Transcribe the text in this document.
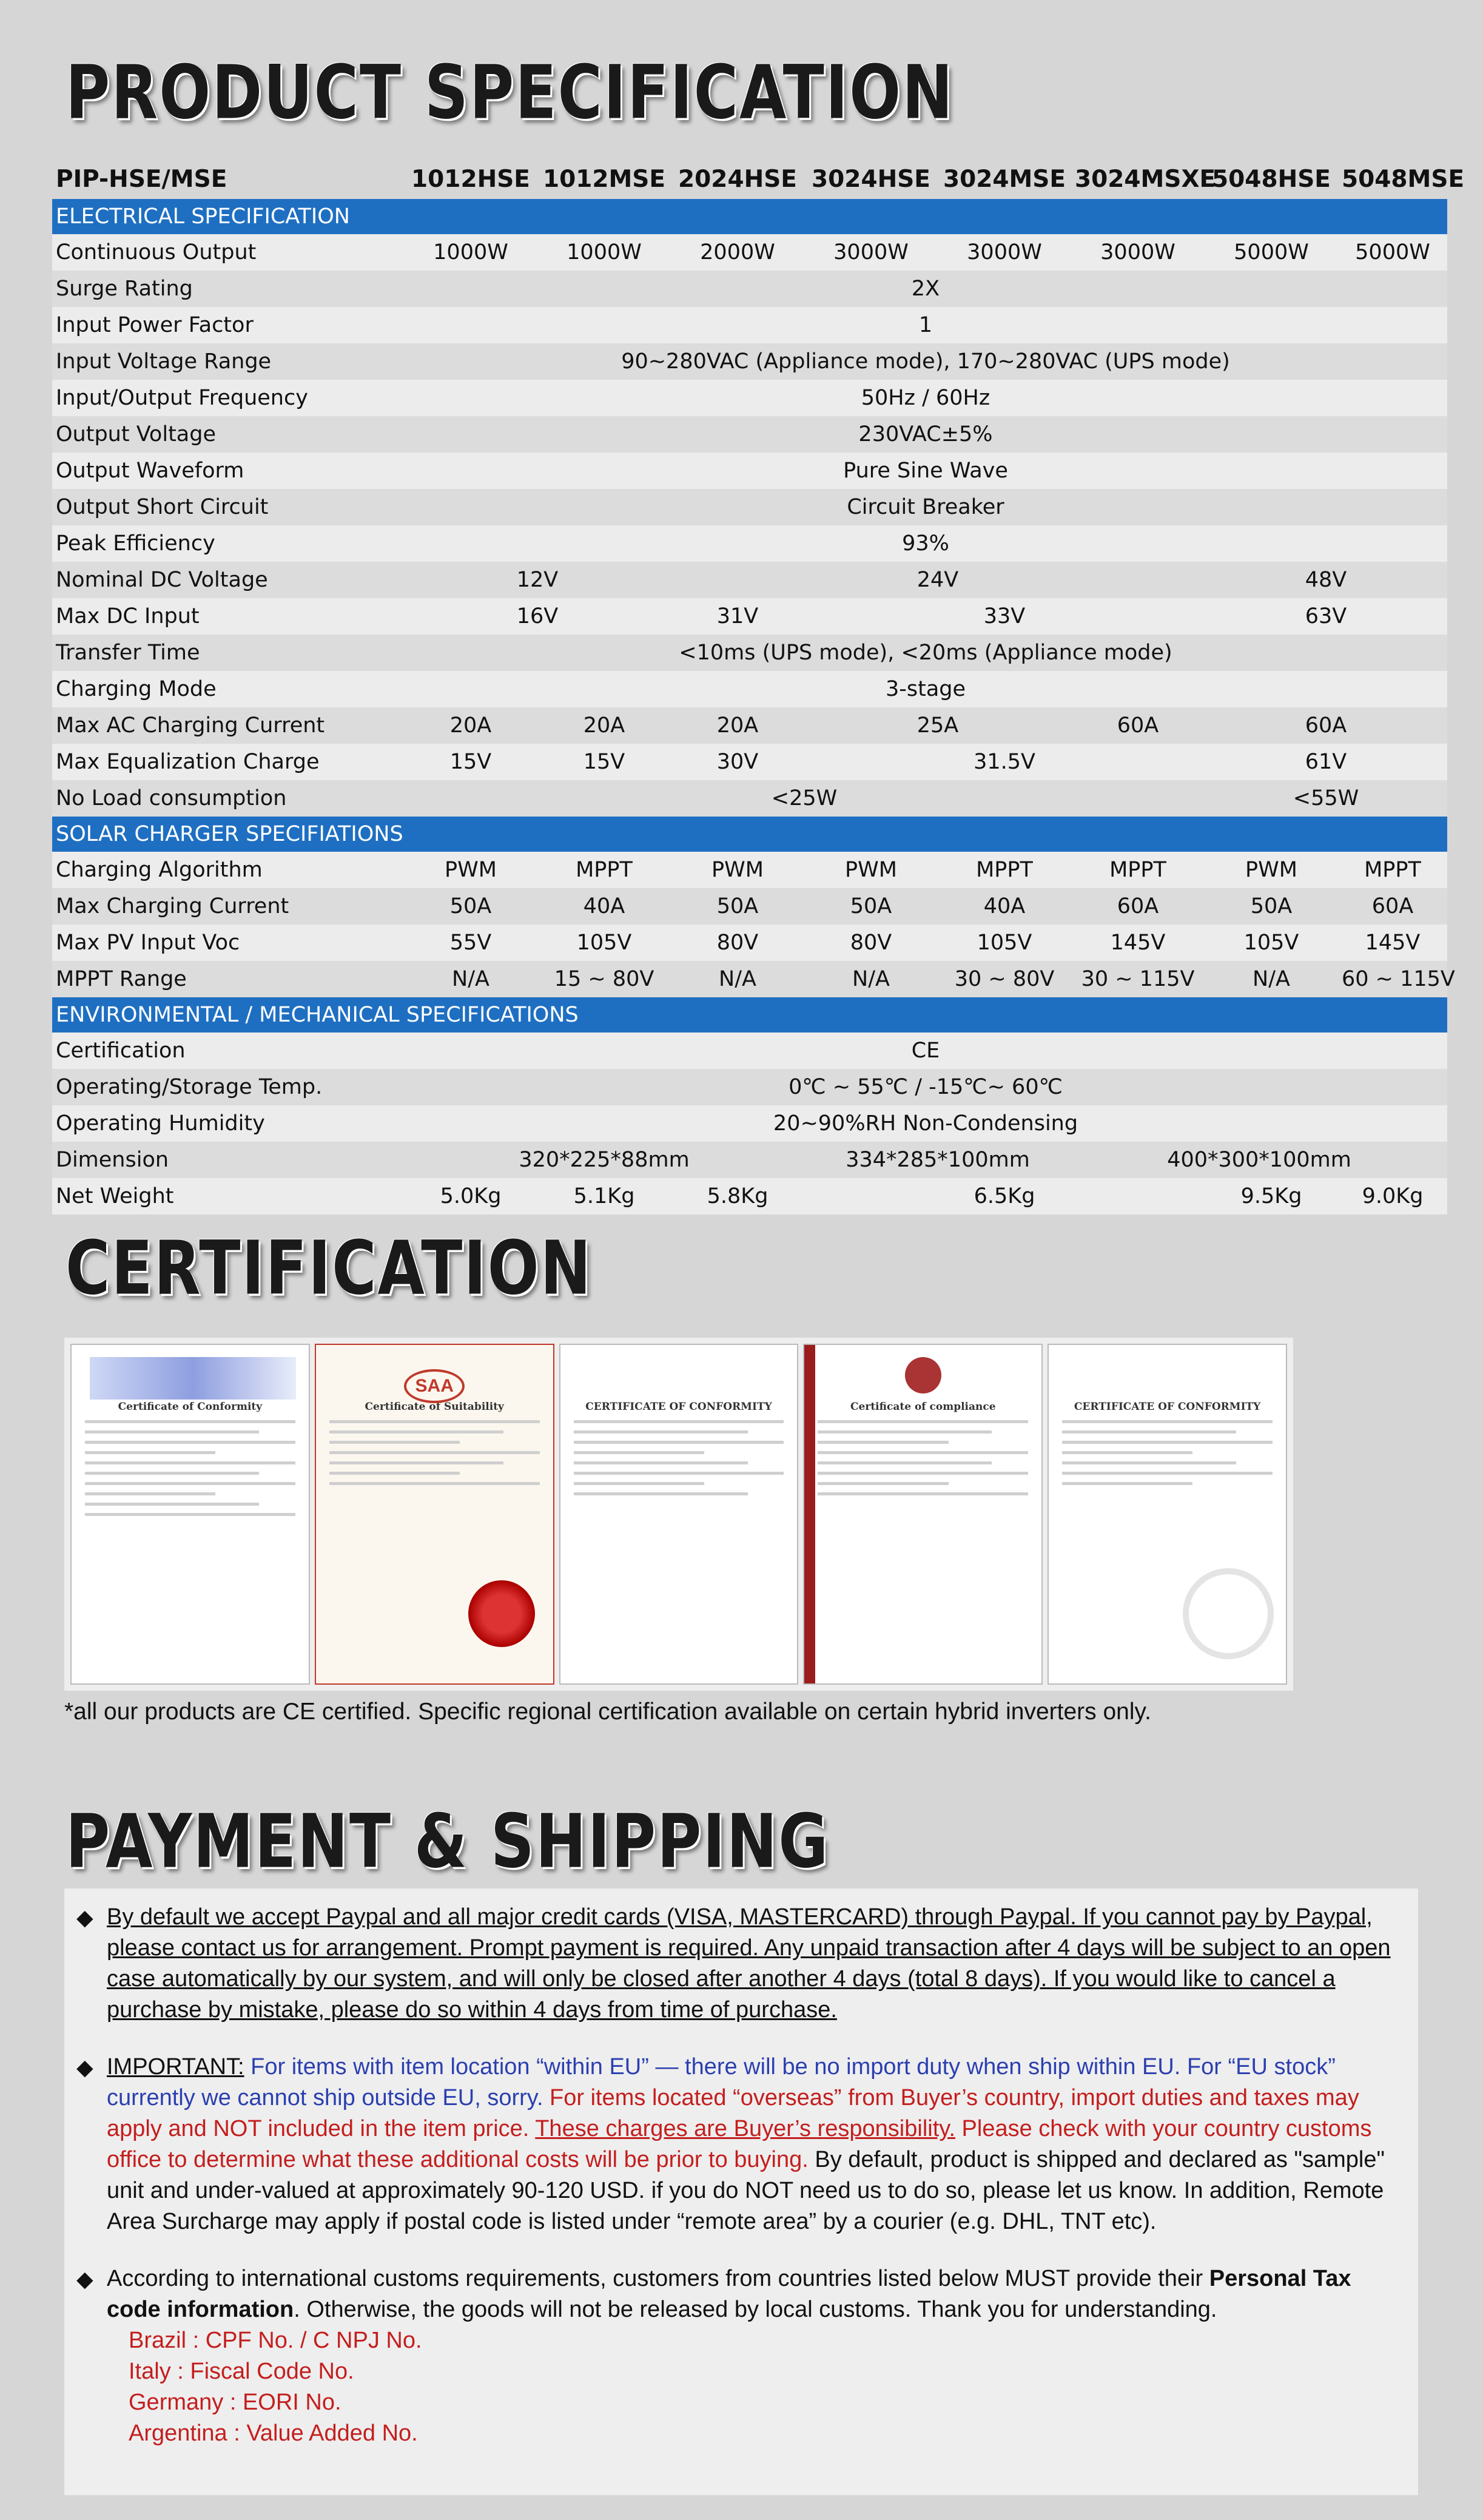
PRODUCT SPECIFICATION
PIP-HSE/MSE	1012HSE	1012MSE	2024HSE	3024HSE	3024MSE	3024MSXE	5048HSE	5048MSE	
ELECTRICAL SPECIFICATION									
Continuous Output	1000W	1000W	2000W	3000W	3000W	3000W	5000W	5000W	
Surge Rating	2X								
Input Power Factor	1								
Input Voltage Range	90~280VAC (Appliance mode), 170~280VAC (UPS mode)								
Input/Output Frequency	50Hz / 60Hz								
Output Voltage	230VAC±5%								
Output Waveform	Pure Sine Wave								
Output Short Circuit	Circuit Breaker								
Peak Efficiency	93%								
Nominal DC Voltage	12V		24V				48V		
Max DC Input	16V		31V	33V			63V		
Transfer Time	<10ms (UPS mode), <20ms (Appliance mode)								
Charging Mode	3-stage								
Max AC Charging Current	20A	20A	20A	25A		60A	60A		
Max Equalization Charge	15V	15V	30V	31.5V			61V		
No Load consumption	<25W						<55W		
SOLAR CHARGER SPECIFIATIONS									
Charging Algorithm	PWM	MPPT	PWM	PWM	MPPT	MPPT	PWM	MPPT	
Max Charging Current	50A	40A	50A	50A	40A	60A	50A	60A	
Max PV Input Voc	55V	105V	80V	80V	105V	145V	105V	145V	
MPPT Range	N/A	15 ~ 80V	N/A	N/A	30 ~ 80V	30 ~ 115V	N/A	60 ~ 115V	
ENVIRONMENTAL / MECHANICAL SPECIFICATIONS									
Certification	CE								
Operating/Storage Temp.	0℃ ~ 55℃ / -15℃~ 60℃								
Operating Humidity	20~90%RH Non-Condensing								
Dimension	320*225*88mm			334*285*100mm		400*300*100mm			
Net Weight	5.0Kg	5.1Kg	5.8Kg	6.5Kg			9.5Kg	9.0Kg	
CERTIFICATION
Certificate of Conformity
SAA
Certificate of Suitability	CERTIFICATE OF CONFORMITY	Certificate of compliance	CERTIFICATE OF CONFORMITY
*all our products are CE certified. Specific regional certification available on certain hybrid inverters only.
PAYMENT & SHIPPING
◆ By default we accept Paypal and all major credit cards (VISA, MASTERCARD) through Paypal. If you cannot pay by Paypal, please contact us for arrangement. Prompt payment is required. Any unpaid transaction after 4 days will be subject to an open case automatically by our system, and will only be closed after another 4 days (total 8 days). If you would like to cancel a purchase by mistake, please do so within 4 days from time of purchase.
◆ IMPORTANT: For items with item location “within EU” — there will be no import duty when ship within EU. For “EU stock” currently we cannot ship outside EU, sorry. For items located “overseas” from Buyer’s country, import duties and taxes may apply and NOT included in the item price. These charges are Buyer’s responsibility. Please check with your country customs office to determine what these additional costs will be prior to buying. By default, product is shipped and declared as "sample" unit and under-valued at approximately 90-120 USD. if you do NOT need us to do so, please let us know. In addition, Remote Area Surcharge may apply if postal code is listed under “remote area” by a courier (e.g. DHL, TNT etc).
◆ According to international customs requirements, customers from countries listed below MUST provide their Personal Tax code information. Otherwise, the goods will not be released by local customs. Thank you for understanding.
Brazil : CPF No. / C NPJ No.
Italy : Fiscal Code No.
Germany : EORI No.
Argentina : Value Added No.
